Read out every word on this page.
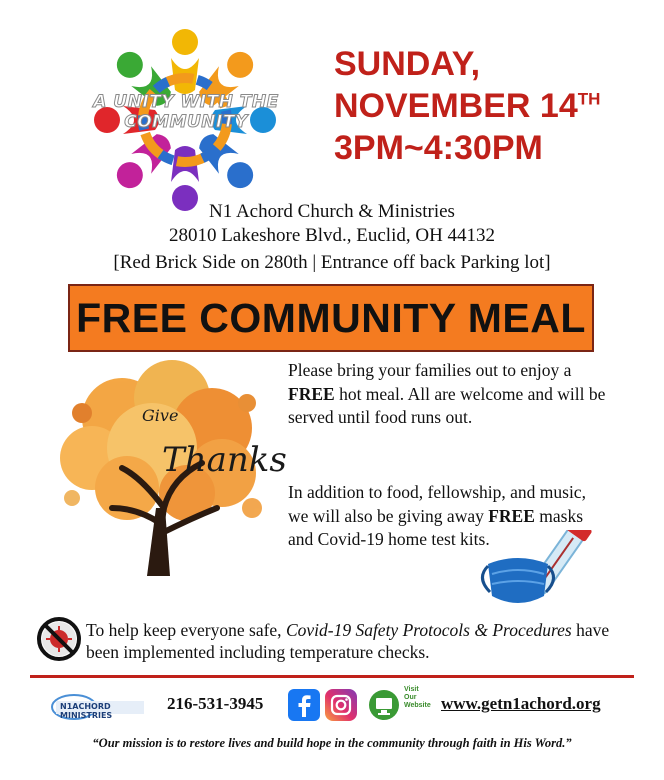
A UNITY WITH THE COMMUNITY
SUNDAY,
NOVEMBER 14TH
3PM~4:30PM
N1 Achord Church & Ministries
28010 Lakeshore Blvd., Euclid, OH 44132
[Red Brick Side on 280th | Entrance off back Parking lot]
FREE COMMUNITY MEAL
Give
Thanks
Please bring your families out to enjoy a FREE hot meal. All are welcome and will be served until food runs out.
In addition to food, fellowship, and music, we will also be giving away FREE masks and Covid-19 home test kits.
To help keep everyone safe, Covid-19 Safety Protocols & Procedures have been implemented including temperature checks.
N1ACHORD MINISTRIES
216-531-3945
Visit
Our
Website www.getn1achord.org
“Our mission is to restore lives and build hope in the community through faith in His Word.”
